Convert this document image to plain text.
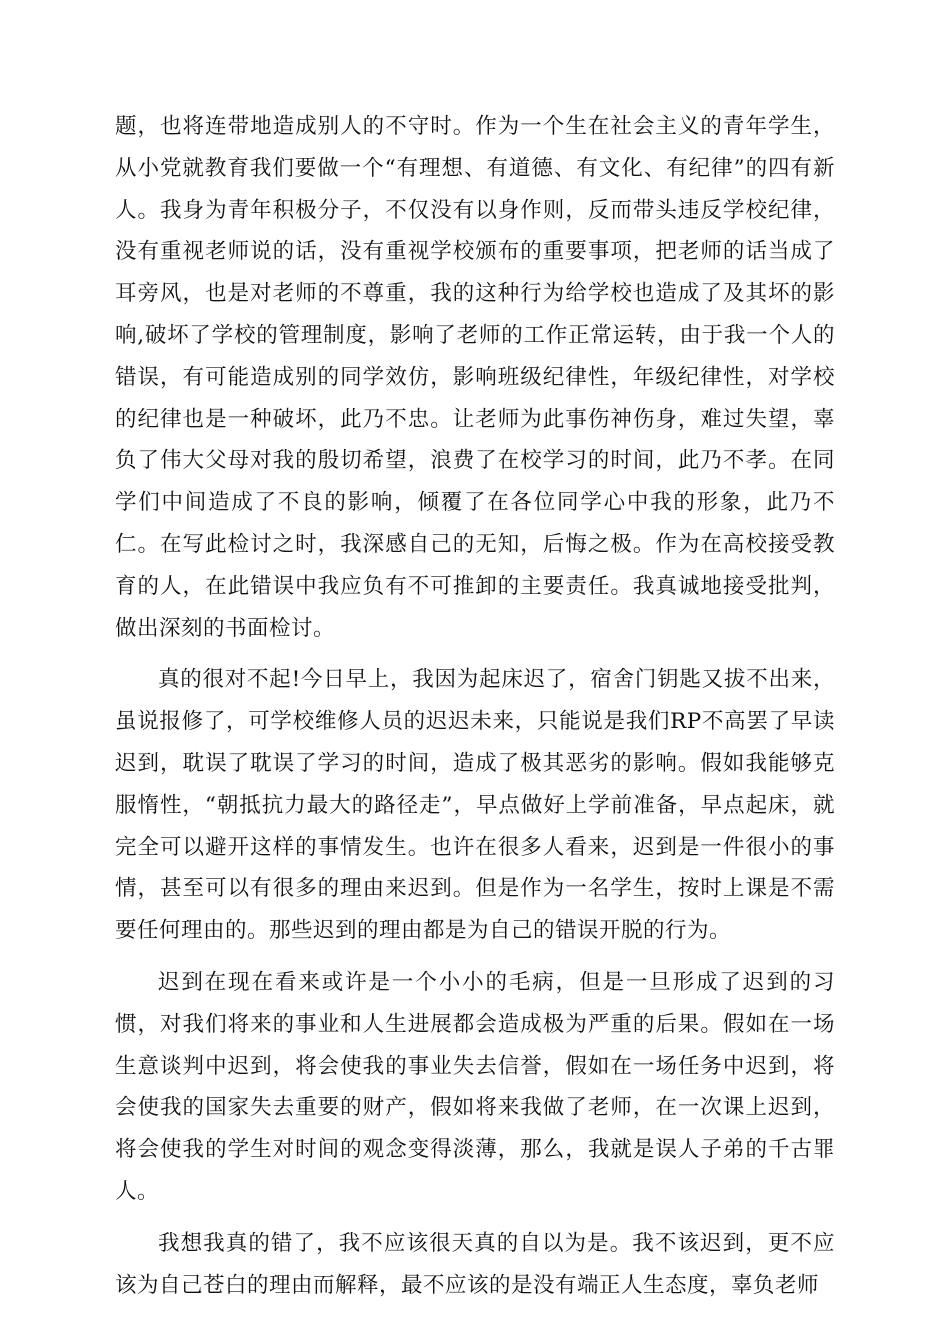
题，也将连带地造成别人的不守时。作为一个生在社会主义的青年学生，从小党就教育我们要做一个“有理想、有道德、有文化、有纪律”的四有新人。我身为青年积极分子，不仅没有以身作则，反而带头违反学校纪律，没有重视老师说的话，没有重视学校颁布的重要事项，把老师的话当成了耳旁风，也是对老师的不尊重，我的这种行为给学校也造成了及其坏的影响,破坏了学校的管理制度，影响了老师的工作正常运转，由于我一个人的错误，有可能造成别的同学效仿，影响班级纪律性，年级纪律性，对学校的纪律也是一种破坏，此乃不忠。让老师为此事伤神伤身，难过失望，辜负了伟大父母对我的殷切希望，浪费了在校学习的时间，此乃不孝。在同学们中间造成了不良的影响，倾覆了在各位同学心中我的形象，此乃不仁。在写此检讨之时，我深感自己的无知，后悔之极。作为在高校接受教育的人，在此错误中我应负有不可推卸的主要责任。我真诚地接受批判，做出深刻的书面检讨。

真的很对不起!今日早上，我因为起床迟了，宿舍门钥匙又拔不出来，虽说报修了，可学校维修人员的迟迟未来，只能说是我们RP不高罢了早读迟到，耽误了耽误了学习的时间，造成了极其恶劣的影响。假如我能够克服惰性，“朝抵抗力最大的路径走”，早点做好上学前准备，早点起床，就完全可以避开这样的事情发生。也许在很多人看来，迟到是一件很小的事情，甚至可以有很多的理由来迟到。但是作为一名学生，按时上课是不需要任何理由的。那些迟到的理由都是为自己的错误开脱的行为。

迟到在现在看来或许是一个小小的毛病，但是一旦形成了迟到的习惯，对我们将来的事业和人生进展都会造成极为严重的后果。假如在一场生意谈判中迟到，将会使我的事业失去信誉，假如在一场任务中迟到，将会使我的国家失去重要的财产，假如将来我做了老师，在一次课上迟到，将会使我的学生对时间的观念变得淡薄，那么，我就是误人子弟的千古罪人。

我想我真的错了，我不应该很天真的自以为是。我不该迟到，更不应该为自己苍白的理由而解释，最不应该的是没有端正人生态度，辜负老师
